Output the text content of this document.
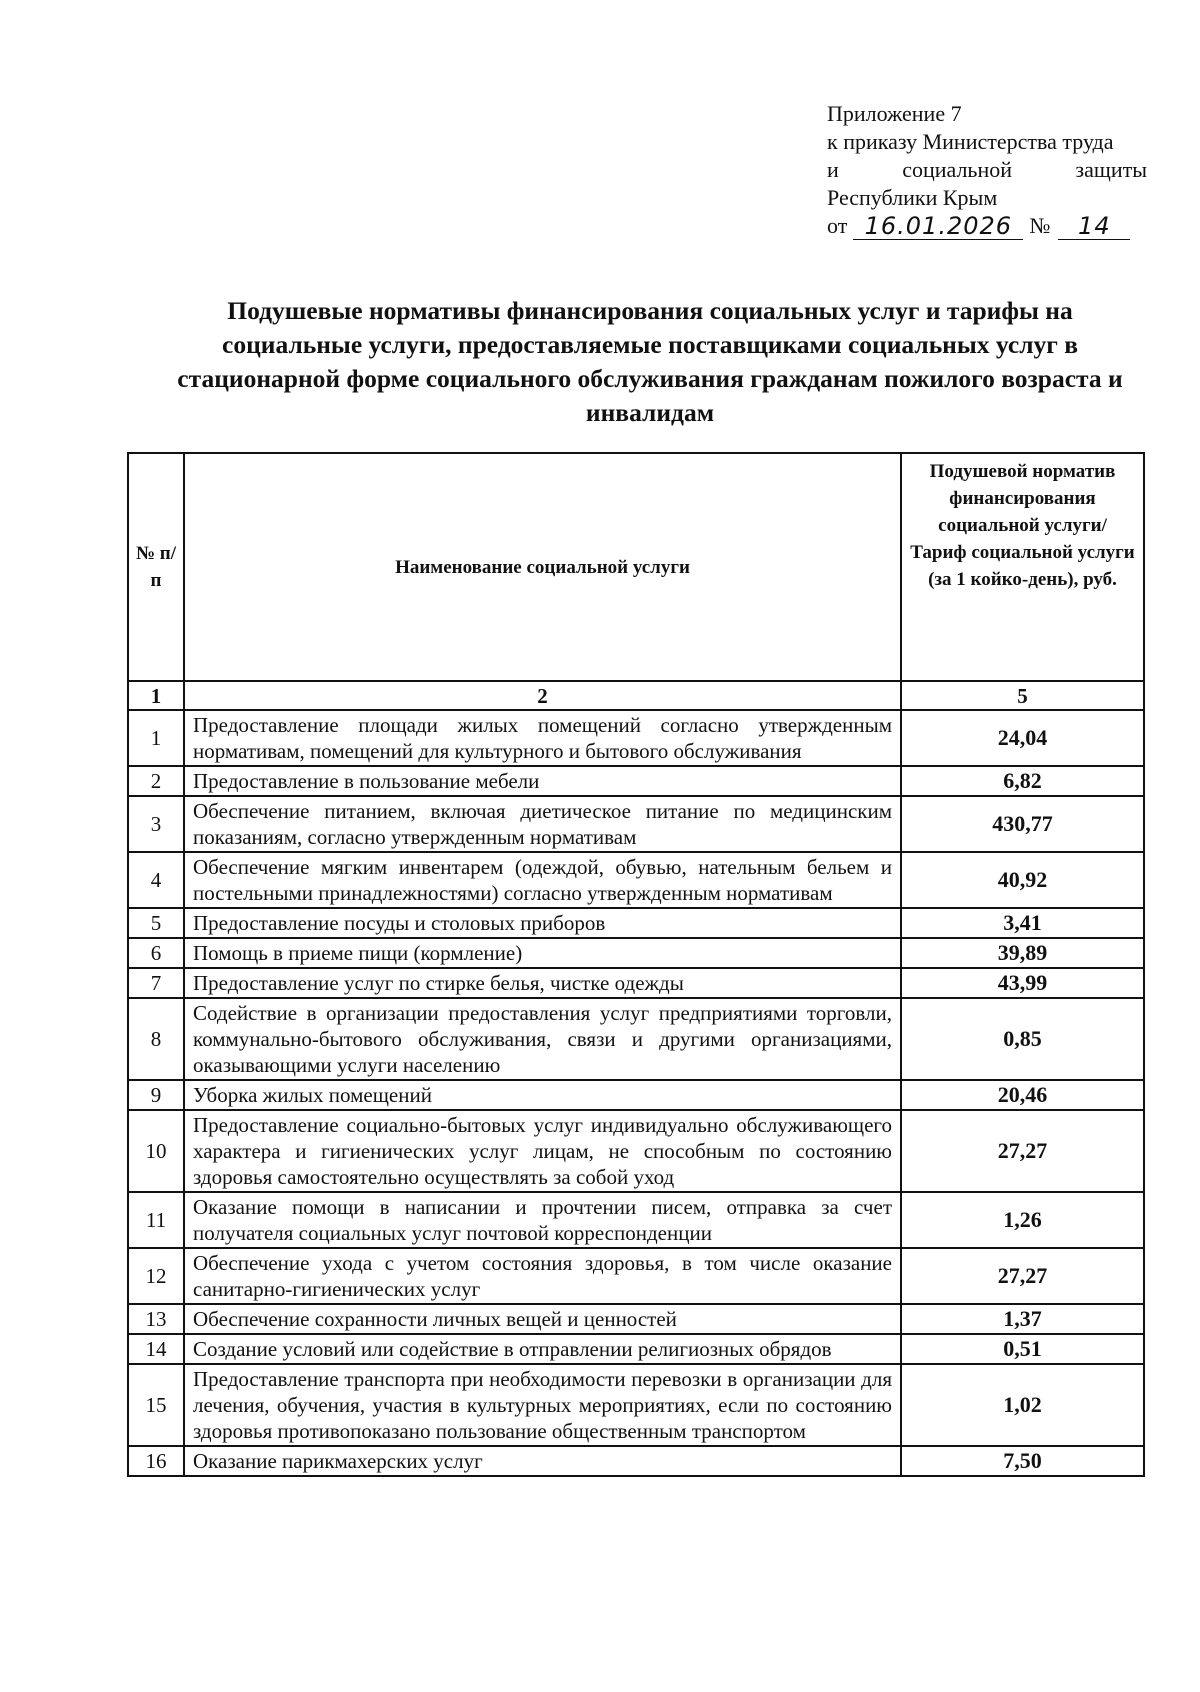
Приложение 7
к приказу Министерства труда
и	социальной	защиты
Республики Крым
от 16.01.2026 №	14
Подушевые нормативы финансирования социальных услуг и тарифы на социальные услуги, предоставляемые поставщиками социальных услуг в стационарной форме социального обслуживания гражданам пожилого возраста и инвалидам
№ п/п	Наименование социальной услуги	Подушевой норматив финансирования социальной услуги/Тариф социальной услуги (за 1 койко-день), руб.
1	2	5
1	Предоставление площади жилых помещений согласно утвержденным нормативам, помещений для культурного и бытового обслуживания	24,04
2	Предоставление в пользование мебели	6,82
3	Обеспечение питанием, включая диетическое питание по медицинским показаниям, согласно утвержденным нормативам	430,77
4	Обеспечение мягким инвентарем (одеждой, обувью, нательным бельем и постельными принадлежностями) согласно утвержденным нормативам	40,92
5	Предоставление посуды и столовых приборов	3,41
6	Помощь в приеме пищи (кормление)	39,89
7	Предоставление услуг по стирке белья, чистке одежды	43,99
8	Содействие в организации предоставления услуг предприятиями торговли, коммунально-бытового обслуживания, связи и другими организациями, оказывающими услуги населению	0,85
9	Уборка жилых помещений	20,46
10	Предоставление социально-бытовых услуг индивидуально обслуживающего характера и гигиенических услуг лицам, не способным по состоянию здоровья самостоятельно осуществлять за собой уход	27,27
11	Оказание помощи в написании и прочтении писем, отправка за счет получателя социальных услуг почтовой корреспонденции	1,26
12	Обеспечение ухода с учетом состояния здоровья, в том числе оказание санитарно-гигиенических услуг	27,27
13	Обеспечение сохранности личных вещей и ценностей	1,37
14	Создание условий или содействие в отправлении религиозных обрядов	0,51
15	Предоставление транспорта при необходимости перевозки в организации для лечения, обучения, участия в культурных мероприятиях, если по состоянию здоровья противопоказано пользование общественным транспортом	1,02
16	Оказание парикмахерских услуг	7,50
